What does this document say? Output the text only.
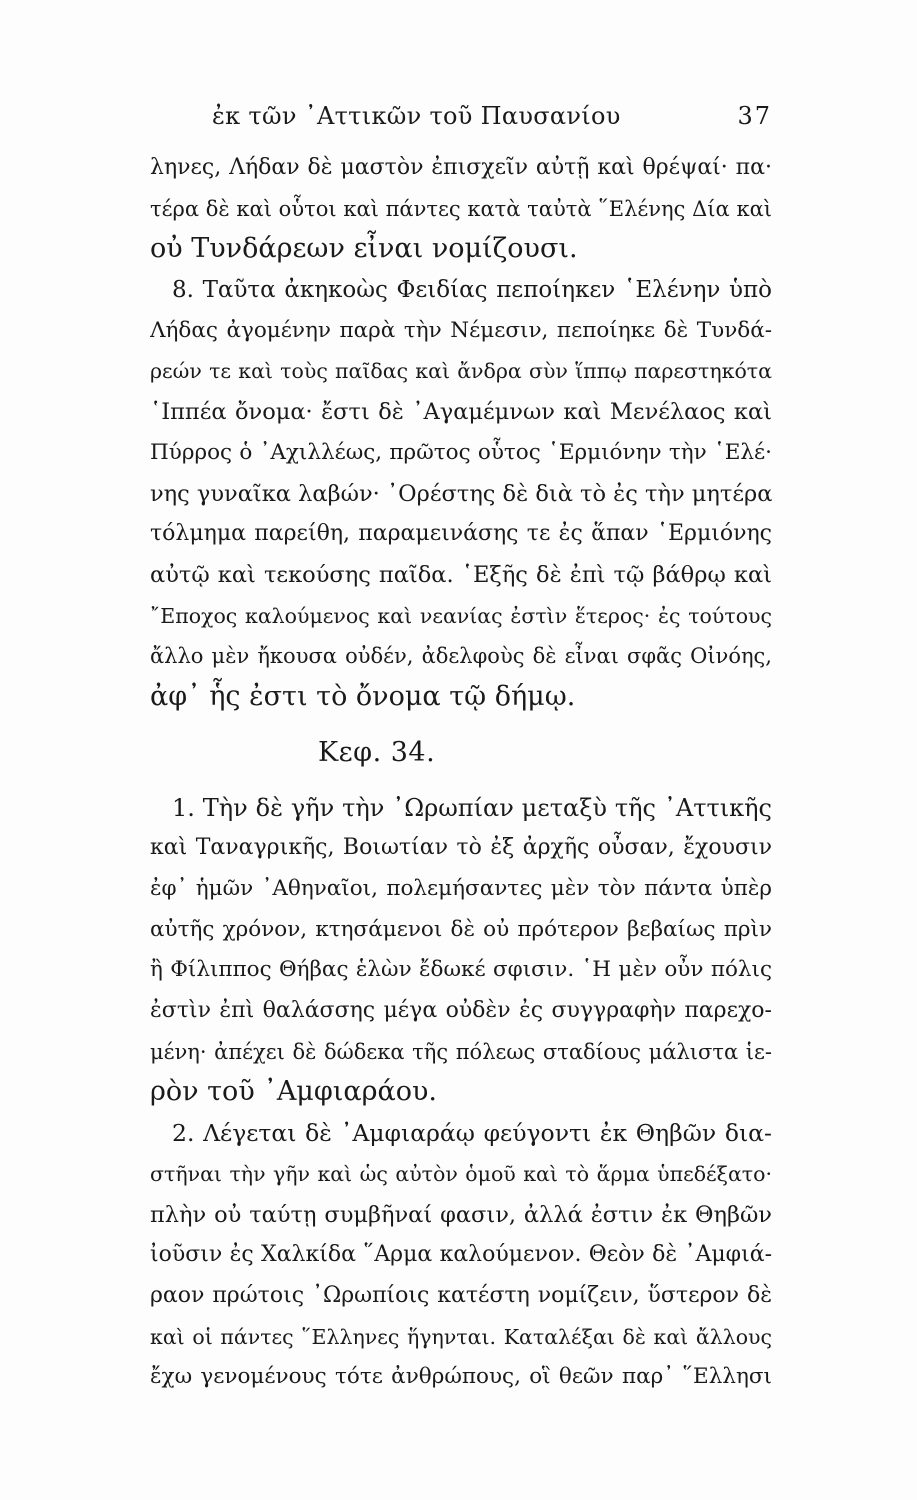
ἐκ τῶν ᾿Αττικῶν τοῦ Παυσανίου	37
ληνες, Λήδαν δὲ μαστὸν ἐπισχεῖν αὐτῇ καὶ θρέψαί· πα·
τέρα δὲ καὶ οὗτοι καὶ πάντες κατὰ ταὐτὰ ῞Ελένης Δία καὶ
οὐ Τυνδάρεων εἶναι νομίζουσι.
8. Ταῦτα ἀκηκοὼς Φειδίας πεποίηκεν ῾Ελένην ὑπὸ
Λήδας ἀγομένην παρὰ τὴν Νέμεσιν, πεποίηκε δὲ Τυνδά-
ρεών τε καὶ τοὺς παῖδας καὶ ἄνδρα σὺν ἵππῳ παρεστηκότα
῾Ιππέα ὄνομα· ἔστι δὲ ᾿Αγαμέμνων καὶ Μενέλαος καὶ
Πύρρος ὁ ᾿Αχιλλέως, πρῶτος οὗτος ῾Ερμιόνην τὴν ῾Ελέ·
νης γυναῖκα λαβών· ᾿Ορέστης δὲ διὰ τὸ ἐς τὴν μητέρα
τόλμημα παρείθη, παραμεινάσης τε ἐς ἅπαν ῾Ερμιόνης
αὐτῷ καὶ τεκούσης παῖδα. ῾Εξῆς δὲ ἐπὶ τῷ βάθρῳ καὶ
῎Εποχος καλούμενος καὶ νεανίας ἐστὶν ἕτερος· ἐς τούτους
ἄλλο μὲν ἤκουσα οὐδέν, ἀδελφοὺς δὲ εἶναι σφᾶς Οἰνόης,
ἀφ᾿ ἧς ἐστι τὸ ὄνομα τῷ δήμῳ.
Κεφ. 34.
1. Τὴν δὲ γῆν τὴν ᾿Ωρωπίαν μεταξὺ τῆς ᾿Αττικῆς
καὶ Ταναγρικῆς, Βοιωτίαν τὸ ἐξ ἀρχῆς οὖσαν, ἔχουσιν
ἐφ᾿ ἡμῶν ᾿Αθηναῖοι, πολεμήσαντες μὲν τὸν πάντα ὑπὲρ
αὐτῆς χρόνον, κτησάμενοι δὲ οὐ πρότερον βεβαίως πρὶν
ἢ Φίλιππος Θήβας ἑλὼν ἔδωκέ σφισιν. ῾Η μὲν οὖν πόλις
ἐστὶν ἐπὶ θαλάσσης μέγα οὐδὲν ἐς συγγραφὴν παρεχο-
μένη· ἀπέχει δὲ δώδεκα τῆς πόλεως σταδίους μάλιστα ἱε-
ρὸν τοῦ ᾿Αμφιαράου.
2. Λέγεται δὲ ᾿Αμφιαράῳ φεύγοντι ἐκ Θηβῶν δια-
στῆναι τὴν γῆν καὶ ὡς αὐτὸν ὁμοῦ καὶ τὸ ἅρμα ὑπεδέξατο·
πλὴν οὐ ταύτῃ συμβῆναί φασιν, ἀλλά ἐστιν ἐκ Θηβῶν
ἰοῦσιν ἐς Χαλκίδα ῞Αρμα καλούμενον. Θεὸν δὲ ᾿Αμφιά-
ραον πρώτοις ᾿Ωρωπίοις κατέστη νομίζειν, ὕστερον δὲ
καὶ οἱ πάντες ῞Ελληνες ἥγηνται. Καταλέξαι δὲ καὶ ἄλλους
ἔχω γενομένους τότε ἀνθρώπους, οἳ θεῶν παρ᾿ ῞Ελλησι
